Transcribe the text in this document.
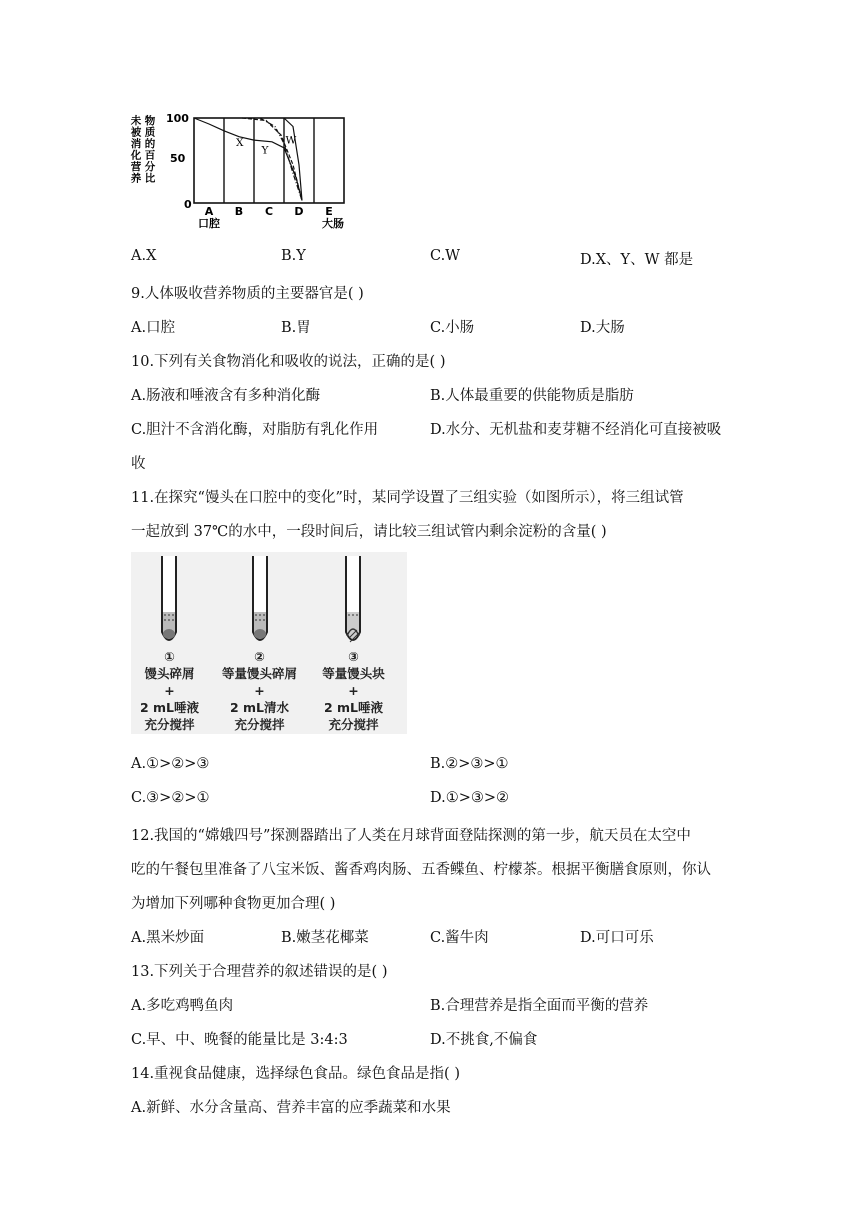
未
被
消
化
营
养
物
质
的
百
分
比
100
50
0
A
口腔
B C D E
大肠
X
Y
W
A.X	B.Y	C.W	D.X、Y、W 都是
9.人体吸收营养物质的主要器官是( )
A.口腔	B.胃	C.小肠	D.大肠
10.下列有关食物消化和吸收的说法，正确的是( )
A.肠液和唾液含有多种消化酶	B.人体最重要的供能物质是脂肪
C.胆汁不含消化酶，对脂肪有乳化作用	D.水分、无机盐和麦芽糖不经消化可直接被吸
收
11.在探究“馒头在口腔中的变化”时，某同学设置了三组实验（如图所示），将三组试管
一起放到 37℃的水中，一段时间后，请比较三组试管内剩余淀粉的含量( )
①
馒头碎屑
+
2 mL唾液
充分搅拌
②
等量馒头碎屑
+
2 mL清水
充分搅拌
③
等量馒头块
+
2 mL唾液
充分搅拌
A.①>②>③	B.②>③>①
C.③>②>①	D.①>③>②
12.我国的“嫦娥四号”探测器踏出了人类在月球背面登陆探测的第一步，航天员在太空中
吃的午餐包里准备了八宝米饭、酱香鸡肉肠、五香鲽鱼、柠檬茶。根据平衡膳食原则，你认
为增加下列哪种食物更加合理( )
A.黑米炒面	B.嫩茎花椰菜	C.酱牛肉	D.可口可乐
13.下列关于合理营养的叙述错误的是( )
A.多吃鸡鸭鱼肉	B.合理营养是指全面而平衡的营养
C.早、中、晚餐的能量比是 3:4:3	D.不挑食,不偏食
14.重视食品健康，选择绿色食品。绿色食品是指( )
A.新鲜、水分含量高、营养丰富的应季蔬菜和水果
